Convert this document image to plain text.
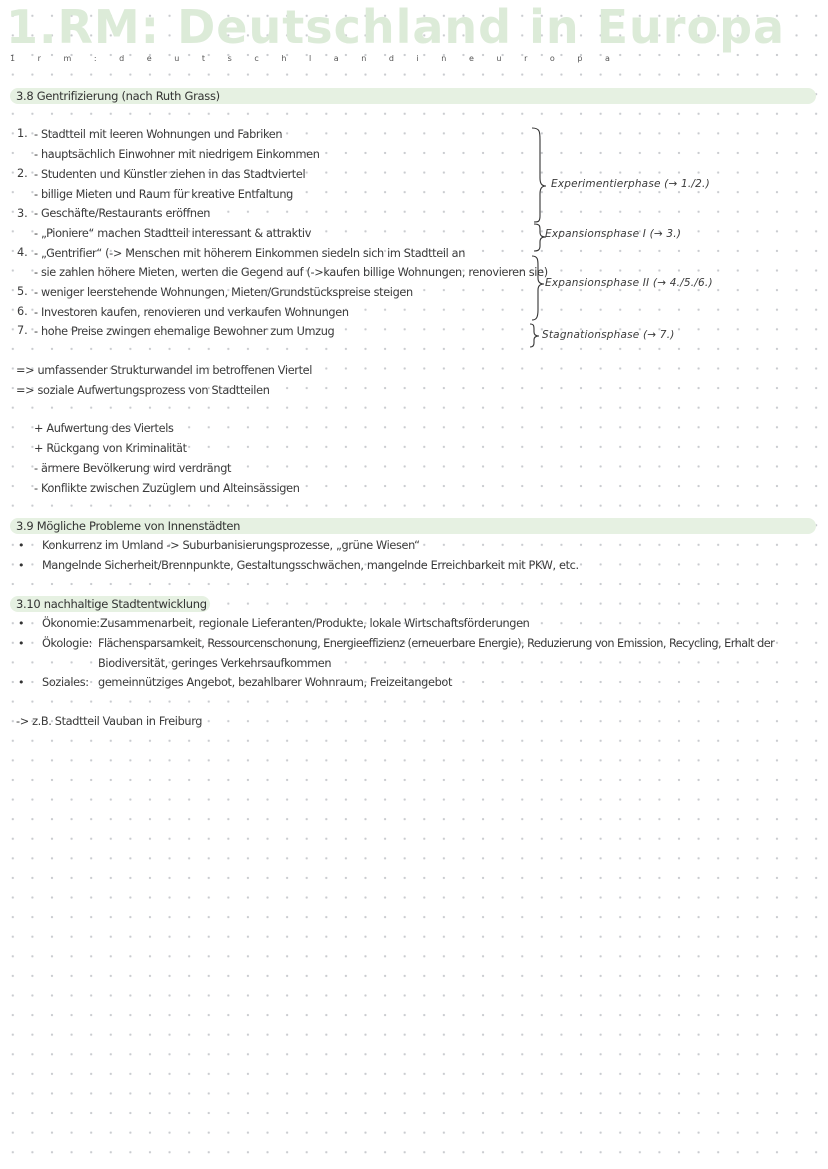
1.RM: Deutschland in Europa
1	r	m	:	d	e	u	t	s	c	h	l	a	n	d	i	n	e	u	r	o	p	a
3.8 Gentrifizierung (nach Ruth Grass)
1. - Stadtteil mit leeren Wohnungen und Fabriken
- hauptsächlich Einwohner mit niedrigem Einkommen
2. - Studenten und Künstler ziehen in das Stadtviertel
- billige Mieten und Raum für kreative Entfaltung
3. - Geschäfte/Restaurants eröffnen
- „Pioniere“ machen Stadtteil interessant & attraktiv
4. - „Gentrifier“ (-> Menschen mit höherem Einkommen siedeln sich im Stadtteil an
- sie zahlen höhere Mieten, werten die Gegend auf (->kaufen billige Wohnungen, renovieren sie)
5. - weniger leerstehende Wohnungen, Mieten/Grundstückspreise steigen
6. - Investoren kaufen, renovieren und verkaufen Wohnungen
7. - hohe Preise zwingen ehemalige Bewohner zum Umzug
Experimentierphase (→ 1./2.)
Expansionsphase I (→ 3.)
Expansionsphase II (→ 4./5./6.)
Stagnationsphase (→ 7.)
=> umfassender Strukturwandel im betroffenen Viertel
=> soziale Aufwertungsprozess von Stadtteilen
+ Aufwertung des Viertels
+ Rückgang von Kriminalität
- ärmere Bevölkerung wird verdrängt
- Konflikte zwischen Zuzüglern und Alteinsässigen
3.9 Mögliche Probleme von Innenstädten
• Konkurrenz im Umland -> Suburbanisierungsprozesse, „grüne Wiesen“
• Mangelnde Sicherheit/Brennpunkte, Gestaltungsschwächen, mangelnde Erreichbarkeit mit PKW, etc.
3.10 nachhaltige Stadtentwicklung
• Ökonomie: Zusammenarbeit, regionale Lieferanten/Produkte, lokale Wirtschaftsförderungen
• Ökologie: Flächensparsamkeit, Ressourcenschonung, Energieeffizienz (erneuerbare Energie), Reduzierung von Emission, Recycling, Erhalt der
Biodiversität, geringes Verkehrsaufkommen
• Soziales: gemeinnütziges Angebot, bezahlbarer Wohnraum, Freizeitangebot
-> z.B. Stadtteil Vauban in Freiburg
